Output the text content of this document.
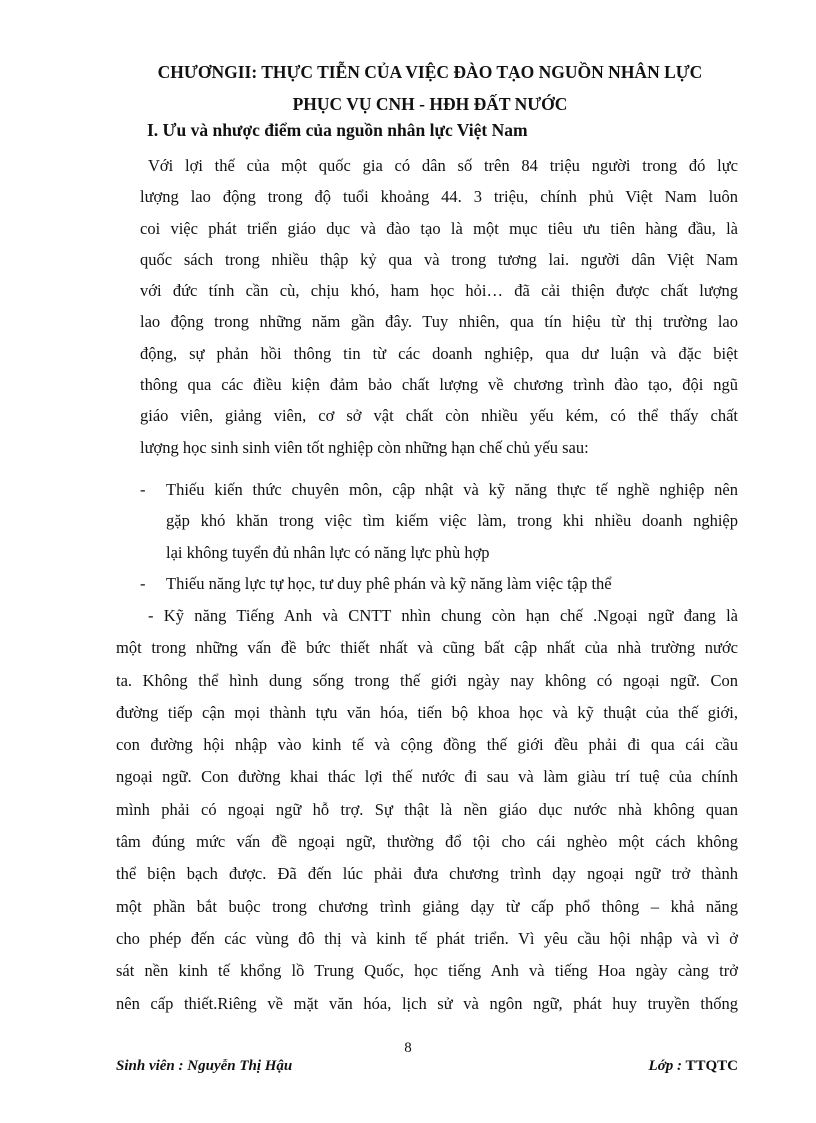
CHƯƠNGII: THỰC TIỄN CỦA VIỆC ĐÀO TẠO NGUỒN NHÂN LỰC
PHỤC VỤ CNH - HĐH ĐẤT NƯỚC
I. Ưu và nhược điểm của nguồn nhân lực Việt Nam
Với lợi thế của một quốc gia có dân số trên 84 triệu người trong đó lực
lượng lao động trong độ tuổi khoảng 44. 3 triệu, chính phủ Việt Nam luôn
coi việc phát triển giáo dục và đào tạo là một mục tiêu ưu tiên hàng đầu, là
quốc sách trong nhiều thập kỷ qua và trong tương lai. người dân Việt Nam
với đức tính cần cù, chịu khó, ham học hỏi… đã cải thiện được chất lượng
lao động trong những năm gần đây. Tuy nhiên, qua tín hiệu từ thị trường lao
động, sự phản hồi thông tin từ các doanh nghiệp, qua dư luận và đặc biệt
thông qua các điều kiện đảm bảo chất lượng về chương trình đào tạo, đội ngũ
giáo viên, giảng viên, cơ sở vật chất còn nhiều yếu kém, có thể thấy chất
lượng học sinh sinh viên tốt nghiệp còn những hạn chế chủ yếu sau:
- Thiếu kiến thức chuyên môn, cập nhật và kỹ năng thực tế nghề nghiệp nên
gặp khó khăn trong việc tìm kiếm việc làm, trong khi nhiều doanh nghiệp
lại không tuyển đủ nhân lực có năng lực phù hợp
- Thiếu năng lực tự học, tư duy phê phán và kỹ năng làm việc tập thể
- Kỹ năng Tiếng Anh và CNTT nhìn chung còn hạn chế .Ngoại ngữ đang là
một trong những vấn đề bức thiết nhất và cũng bất cập nhất của nhà trường nước
ta. Không thể hình dung sống trong thế giới ngày nay không có ngoại ngữ. Con
đường tiếp cận mọi thành tựu văn hóa, tiến bộ khoa học và kỹ thuật của thế giới,
con đường hội nhập vào kinh tế và cộng đồng thế giới đều phải đi qua cái cầu
ngoại ngữ. Con đường khai thác lợi thế nước đi sau và làm giàu trí tuệ của chính
mình phải có ngoại ngữ hỗ trợ. Sự thật là nền giáo dục nước nhà không quan
tâm đúng mức vấn đề ngoại ngữ, thường đổ tội cho cái nghèo một cách không
thể biện bạch được. Đã đến lúc phải đưa chương trình dạy ngoại ngữ trở thành
một phần bắt buộc trong chương trình giảng dạy từ cấp phổ thông – khả năng
cho phép đến các vùng đô thị và kinh tế phát triển. Vì yêu cầu hội nhập và vì ở
sát nền kinh tế khổng lồ Trung Quốc, học tiếng Anh và tiếng Hoa ngày càng trở
nên cấp thiết.Riêng về mặt văn hóa, lịch sử và ngôn ngữ, phát huy truyền thống
8
Sinh viên : Nguyễn Thị Hậu	Lớp : TTQTC
